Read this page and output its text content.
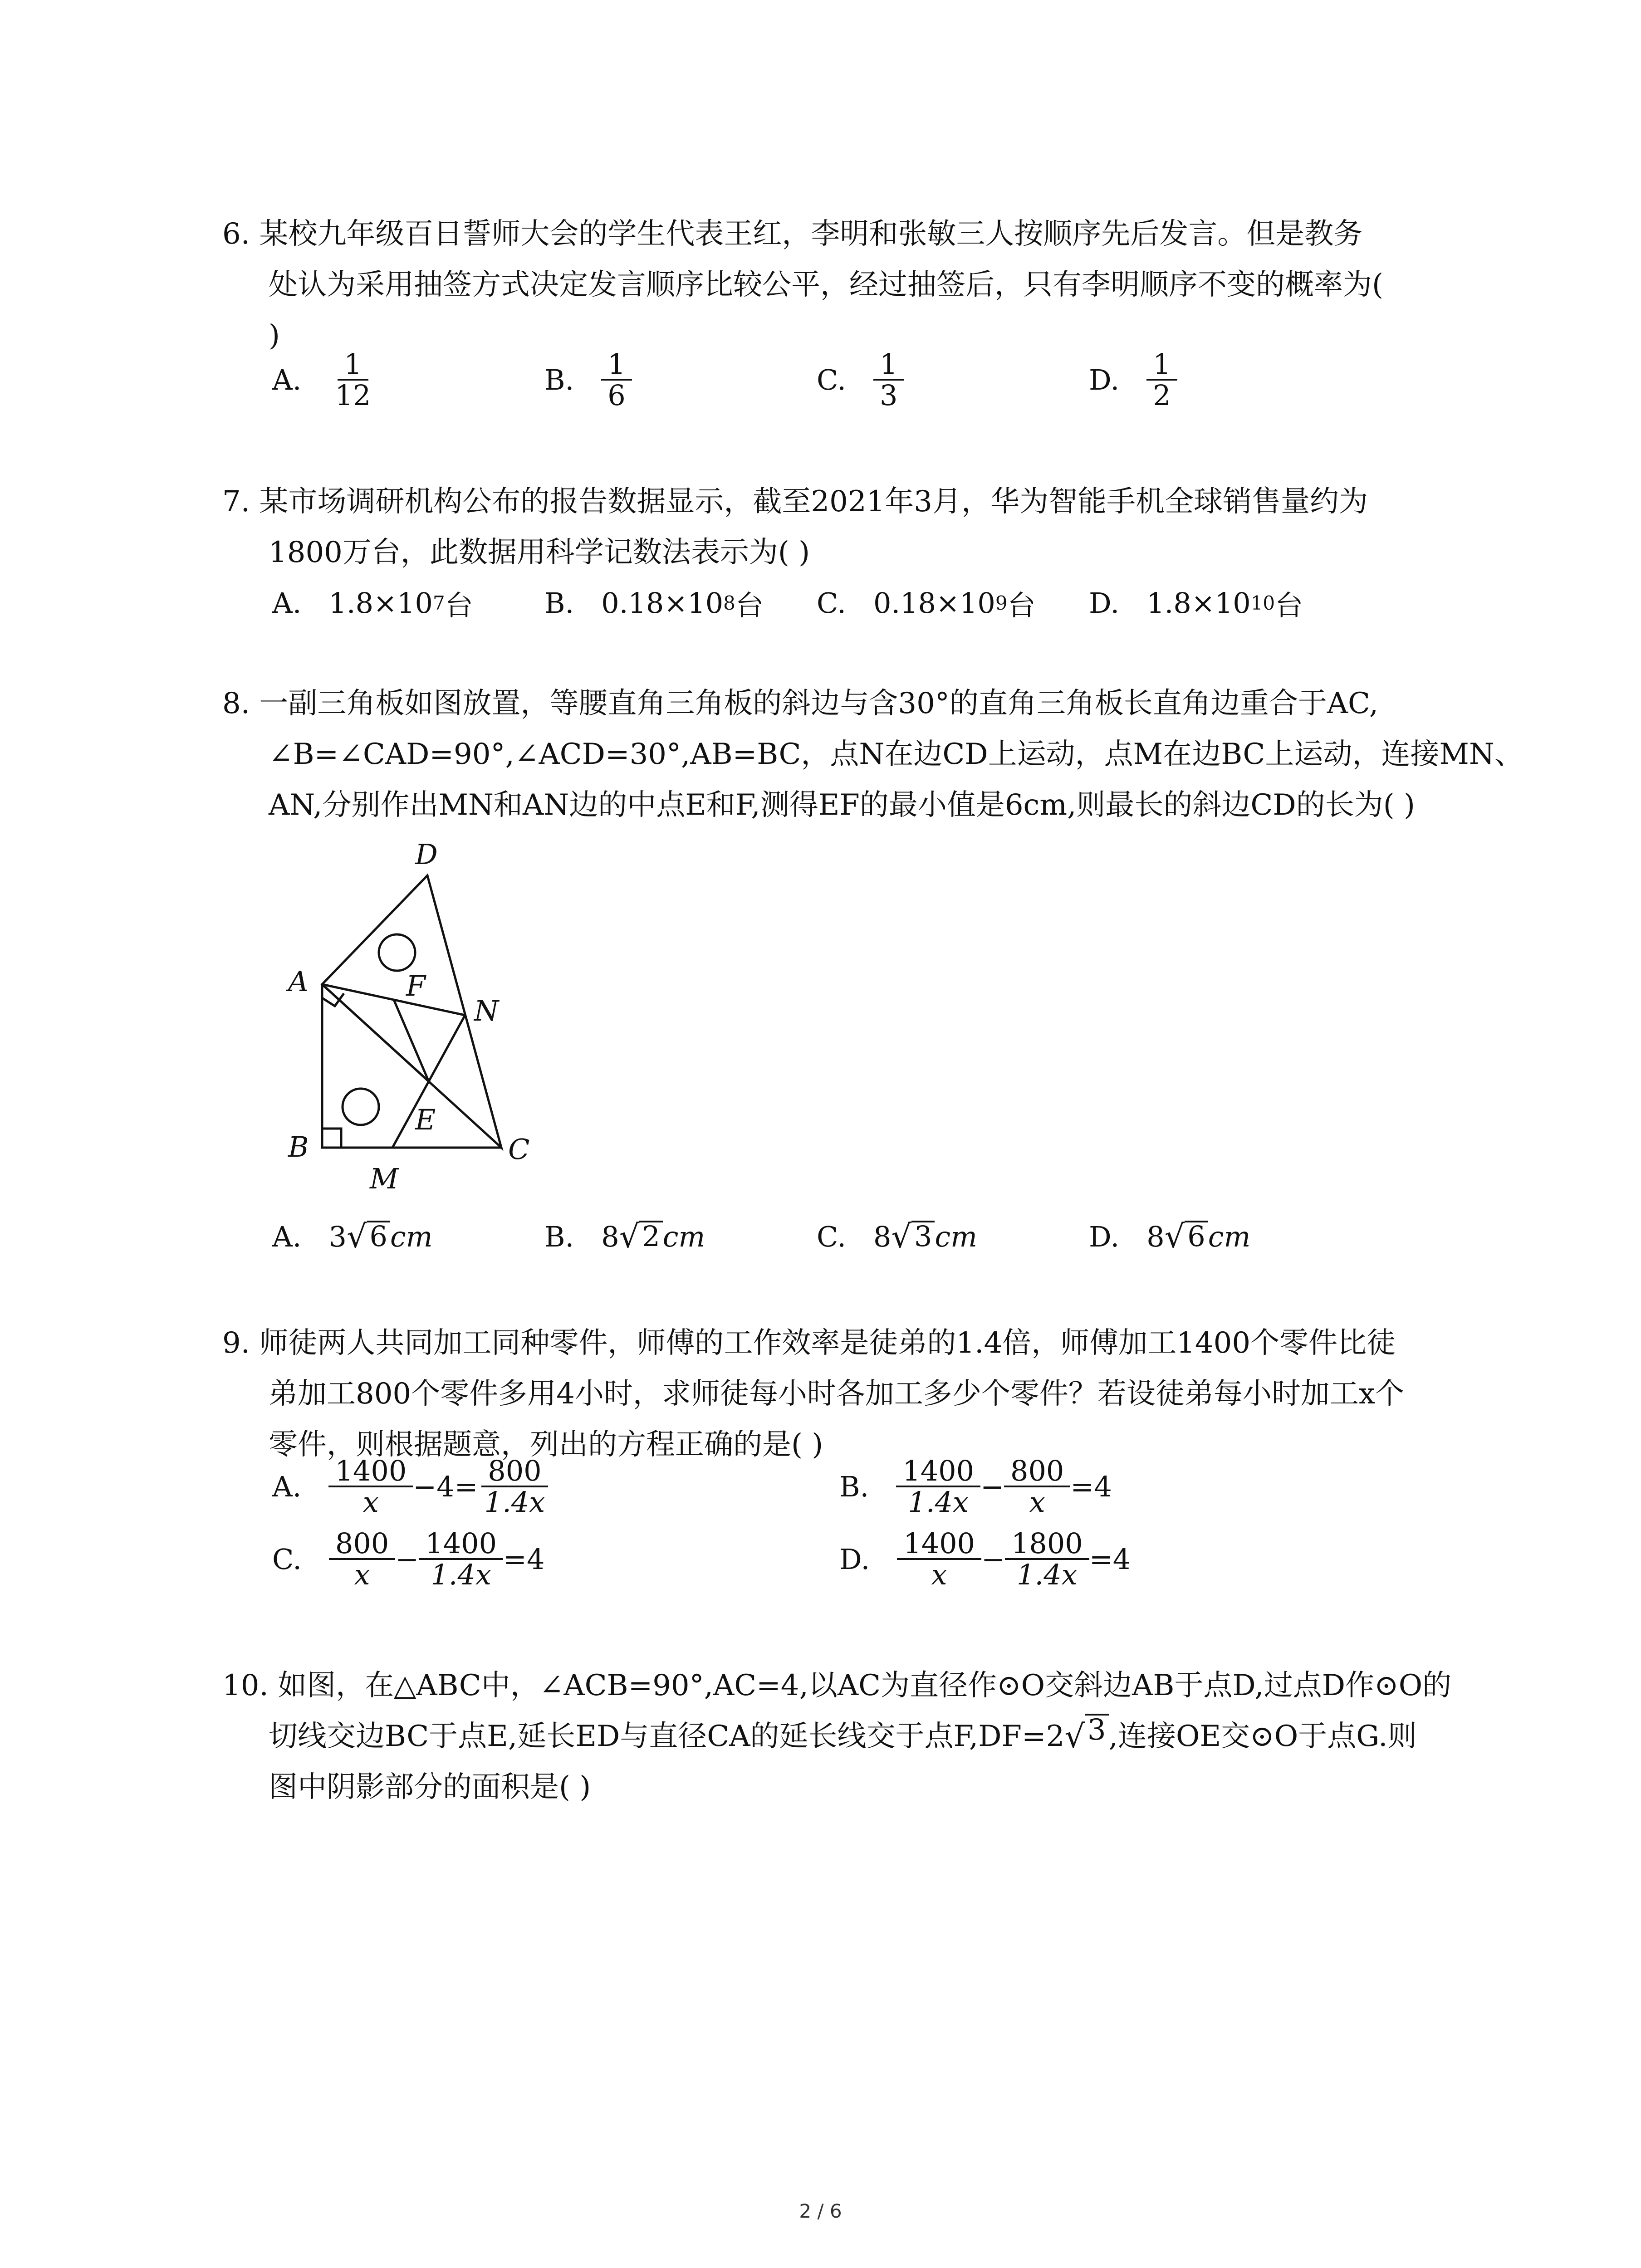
6. 某校九年级百日誓师大会的学生代表王红，李明和张敏三人按顺序先后发言。但是教务
处认为采用抽签方式决定发言顺序比较公平，经过抽签后，只有李明顺序不变的概率为(
)
A. $\frac{1}{12}$	B. $\frac{1}{6}$	C. $\frac{1}{3}$	D. $\frac{1}{2}$
7. 某市场调研机构公布的报告数据显示，截至2021年3月，华为智能手机全球销售量约为
1800万台，此数据用科学记数法表示为( )
A. 1.8×10 7 台	B. 0.18×10 8 台 C. 0.18×10 9 台 D. 1.8×10 10 台
8. 一副三角板如图放置，等腰直角三角板的斜边与含30°的直角三角板长直角边重合于AC,
∠B=∠CAD=90°,∠ACD=30°,AB=BC，点N在边CD上运动，点M在边BC上运动，连接MN、
AN,分别作出MN和AN边的中点E和F,测得EF的最小值是6cm,则最长的斜边CD的长为( )
D
A	F
N
E
B	C
M
A. 3 √ 6 cm	B. 8 √ 2 cm	C. 8 √ 3 cm	D. 8 √ 6 cm
9. 师徒两人共同加工同种零件，师傅的工作效率是徒弟的1.4倍，师傅加工1400个零件比徒
弟加工800个零件多用4小时，求师徒每小时各加工多少个零件？若设徒弟每小时加工x个
零件，则根据题意，列出的方程正确的是( )
A. $\frac{1400}{x} -4= \frac{800}{1.4x}$	B. $\frac{1400}{1.4x} - \frac{800}{x} =4$
C. $\frac{800}{x} - \frac{1400}{1.4x} =4$	D. $\frac{1400}{x} - \frac{1800}{1.4x} =4$
10. 如图，在△ABC中，∠ACB=90°,AC=4,以AC为直径作⊙O交斜边AB于点D,过点D作⊙O的
切线交边BC于点E,延长ED与直径CA的延长线交于点F,DF=2 √ 3 ,连接OE交⊙O于点G.则
图中阴影部分的面积是( )
2 / 6
